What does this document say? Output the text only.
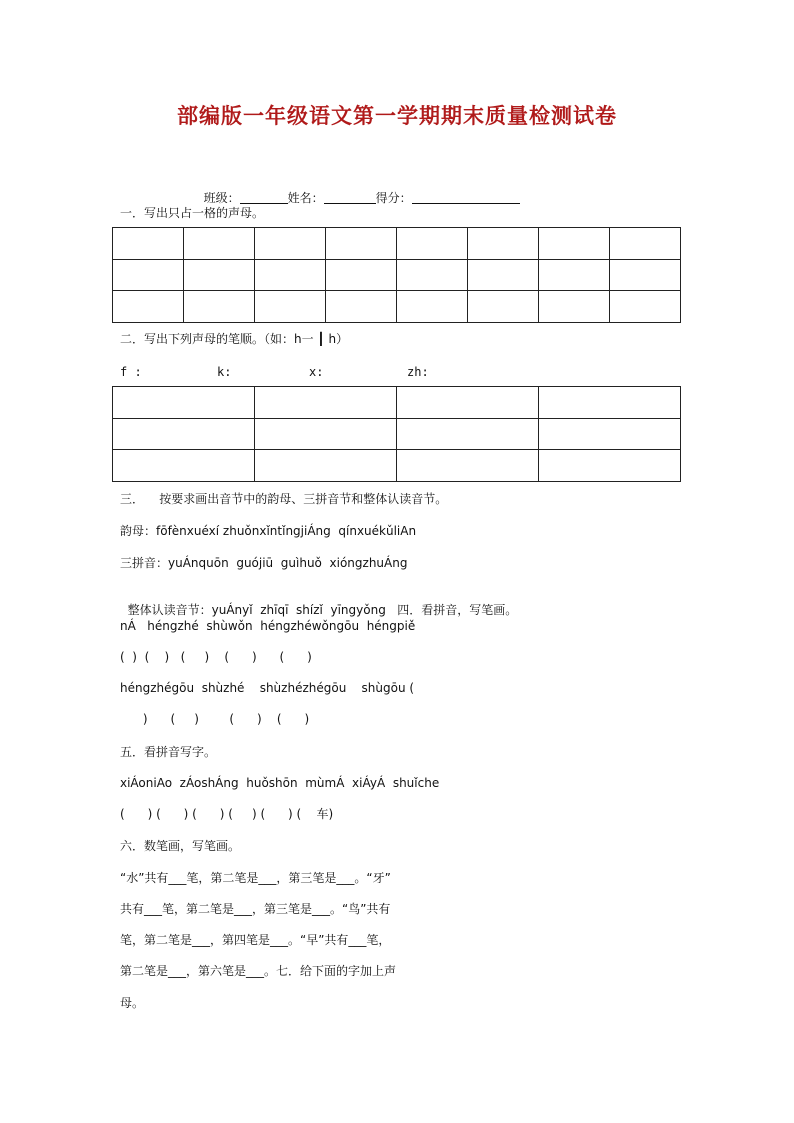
部编版一年级语文第一学期期末质量检测试卷

班级：	姓名：	得分：

一．写出只占一格的声母。

二．写出下列声母的笔顺。（如：h一 ┃ h）
f :	k:	x:	zh:

三．    按要求画出音节中的韵母、三拼音节和整体认读音节。
韵母：fōfènxuéxí zhuǒnxǐntǐngjiÁng  qínxuékǔliAn
三拼音：yuÁnquōn  guójiū  guìhuǒ  xióngzhuÁng

整体认读音节：yuÁnyǐ  zhīqī  shízǐ  yīngyǒng 四．看拼音，写笔画。

nÁ   héngzhé  shùwǒn  héngzhéwǒngōu  héngpiě
(  )  (    )   (     )    (      )      (      )
héngzhégōu  shùzhé    shùzhézhégōu    shùgōu (
)      (     )        (      )    (      )
五．看拼音写字。
xiÁoniAo  zÁoshÁng  huǒshōn  mùmÁ  xiÁyÁ  shuǐche
(      ) (      ) (      ) (     ) (      ) (    车)
六．数笔画，写笔画。
“水”共有___笔，第二笔是___，第三笔是___。“牙”
共有___笔，第二笔是___，第三笔是___。“鸟”共有
笔，第二笔是___，第四笔是___。“早”共有___笔，
第二笔是___，第六笔是___。七．给下面的字加上声
母。
